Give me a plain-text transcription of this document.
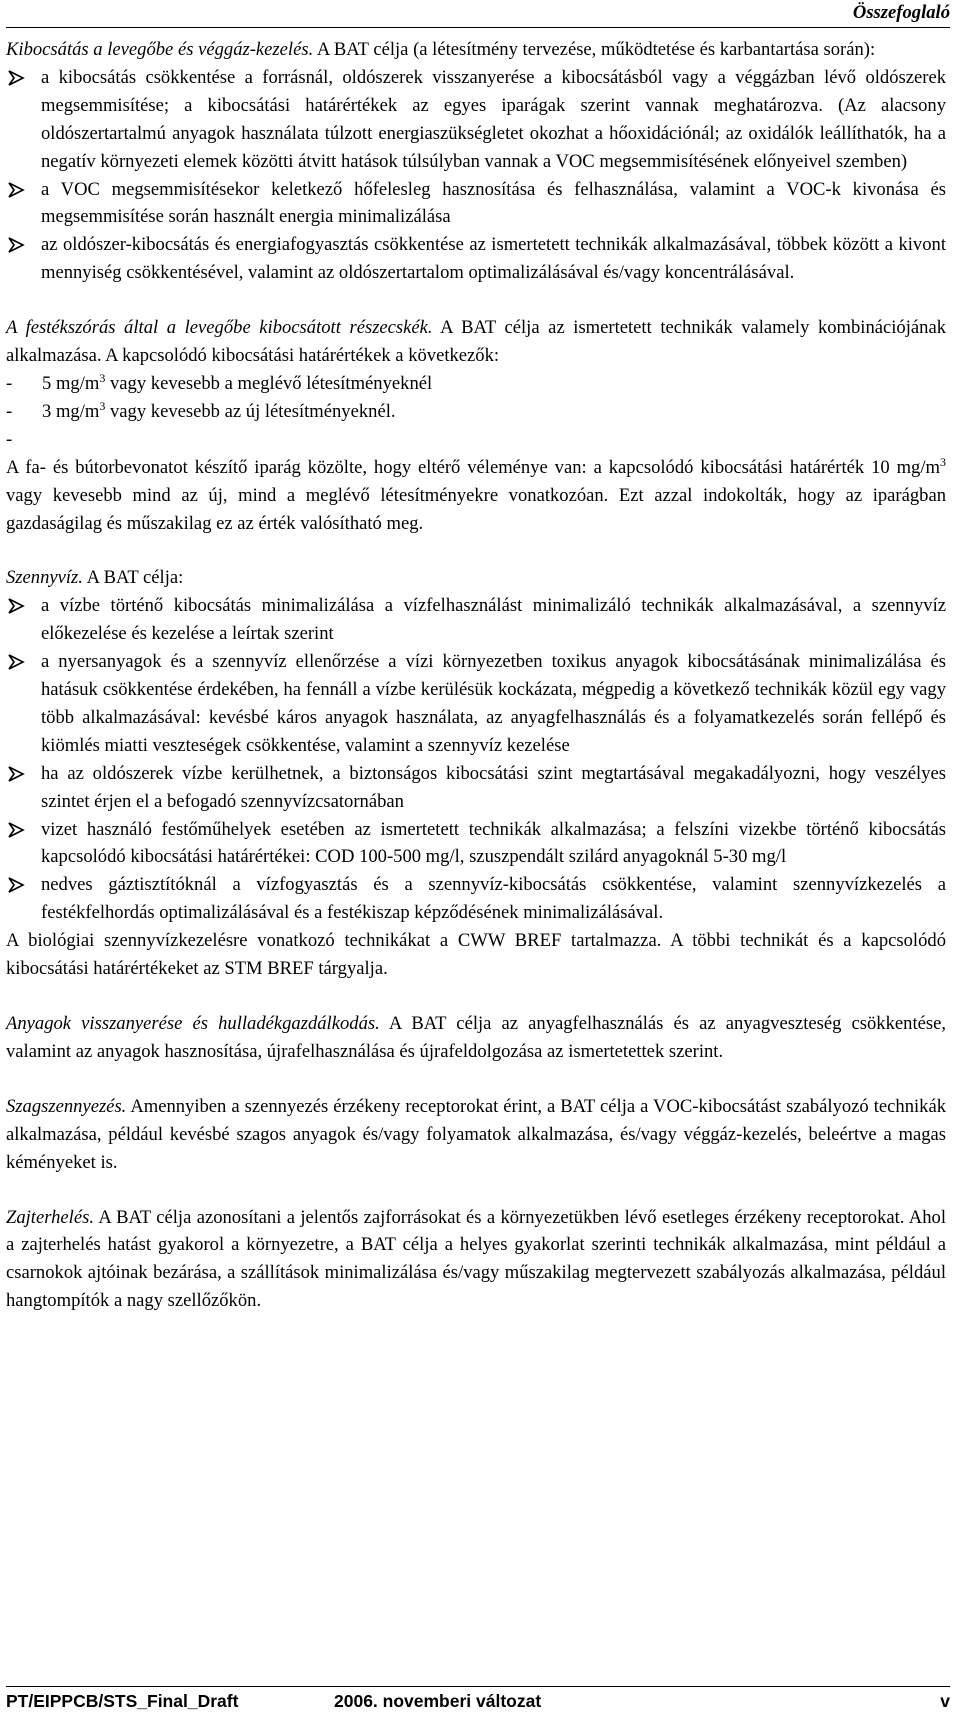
Összefoglaló

Kibocsátás a levegőbe és véggáz-kezelés. A BAT célja (a létesítmény tervezése, működtetése és karbantartása során):

a kibocsátás csökkentése a forrásnál, oldószerek visszanyerése a kibocsátásból vagy a véggázban lévő oldószerek megsemmisítése; a kibocsátási határértékek az egyes iparágak szerint vannak meghatározva. (Az alacsony oldószertartalmú anyagok használata túlzott energiaszükségletet okozhat a hőoxidációnál; az oxidálók leállíthatók, ha a negatív környezeti elemek közötti átvitt hatások túlsúlyban vannak a VOC megsemmisítésének előnyeivel szemben)
a VOC megsemmisítésekor keletkező hőfelesleg hasznosítása és felhasználása, valamint a VOC-k kivonása és megsemmisítése során használt energia minimalizálása
az oldószer-kibocsátás és energiafogyasztás csökkentése az ismertetett technikák alkalmazásával, többek között a kivont mennyiség csökkentésével, valamint az oldószertartalom optimalizálásával és/vagy koncentrálásával.

A festékszórás által a levegőbe kibocsátott részecskék. A BAT célja az ismertetett technikák valamely kombinációjának alkalmazása. A kapcsolódó kibocsátási határértékek a következők:

- 5 $mg/m^3$ vagy kevesebb a meglévő létesítményeknél
- 3 $mg/m^3$ vagy kevesebb az új létesítményeknél.
-

A fa- és bútorbevonatot készítő iparág közölte, hogy eltérő véleménye van: a kapcsolódó kibocsátási határérték 10 $mg/m^3$ vagy kevesebb mind az új, mind a meglévő létesítményekre vonatkozóan. Ezt azzal indokolták, hogy az iparágban gazdaságilag és műszakilag ez az érték valósítható meg.

Szennyvíz. A BAT célja:

a vízbe történő kibocsátás minimalizálása a vízfelhasználást minimalizáló technikák alkalmazásával, a szennyvíz előkezelése és kezelése a leírtak szerint
a nyersanyagok és a szennyvíz ellenőrzése a vízi környezetben toxikus anyagok kibocsátásának minimalizálása és hatásuk csökkentése érdekében, ha fennáll a vízbe kerülésük kockázata, mégpedig a következő technikák közül egy vagy több alkalmazásával: kevésbé káros anyagok használata, az anyagfelhasználás és a folyamatkezelés során fellépő és kiömlés miatti veszteségek csökkentése, valamint a szennyvíz kezelése
ha az oldószerek vízbe kerülhetnek, a biztonságos kibocsátási szint megtartásával megakadályozni, hogy veszélyes szintet érjen el a befogadó szennyvízcsatornában
vizet használó festőműhelyek esetében az ismertetett technikák alkalmazása; a felszíni vizekbe történő kibocsátás kapcsolódó kibocsátási határértékei: COD 100-500 mg/l, szuszpendált szilárd anyagoknál 5-30 mg/l
nedves gáztisztítóknál a vízfogyasztás és a szennyvíz-kibocsátás csökkentése, valamint szennyvízkezelés a festékfelhordás optimalizálásával és a festékiszap képződésének minimalizálásával.

A biológiai szennyvízkezelésre vonatkozó technikákat a CWW BREF tartalmazza. A többi technikát és a kapcsolódó kibocsátási határértékeket az STM BREF tárgyalja.

Anyagok visszanyerése és hulladékgazdálkodás. A BAT célja az anyagfelhasználás és az anyagveszteség csökkentése, valamint az anyagok hasznosítása, újrafelhasználása és újrafeldolgozása az ismertetettek szerint.

Szagszennyezés. Amennyiben a szennyezés érzékeny receptorokat érint, a BAT célja a VOC-kibocsátást szabályozó technikák alkalmazása, például kevésbé szagos anyagok és/vagy folyamatok alkalmazása, és/vagy véggáz-kezelés, beleértve a magas kéményeket is.

Zajterhelés. A BAT célja azonosítani a jelentős zajforrásokat és a környezetükben lévő esetleges érzékeny receptorokat. Ahol a zajterhelés hatást gyakorol a környezetre, a BAT célja a helyes gyakorlat szerinti technikák alkalmazása, mint például a csarnokok ajtóinak bezárása, a szállítások minimalizálása és/vagy műszakilag megtervezett szabályozás alkalmazása, például hangtompítók a nagy szellőzőkön.

PT/EIPPCB/STS_Final_Draft	2006. novemberi változat	v
